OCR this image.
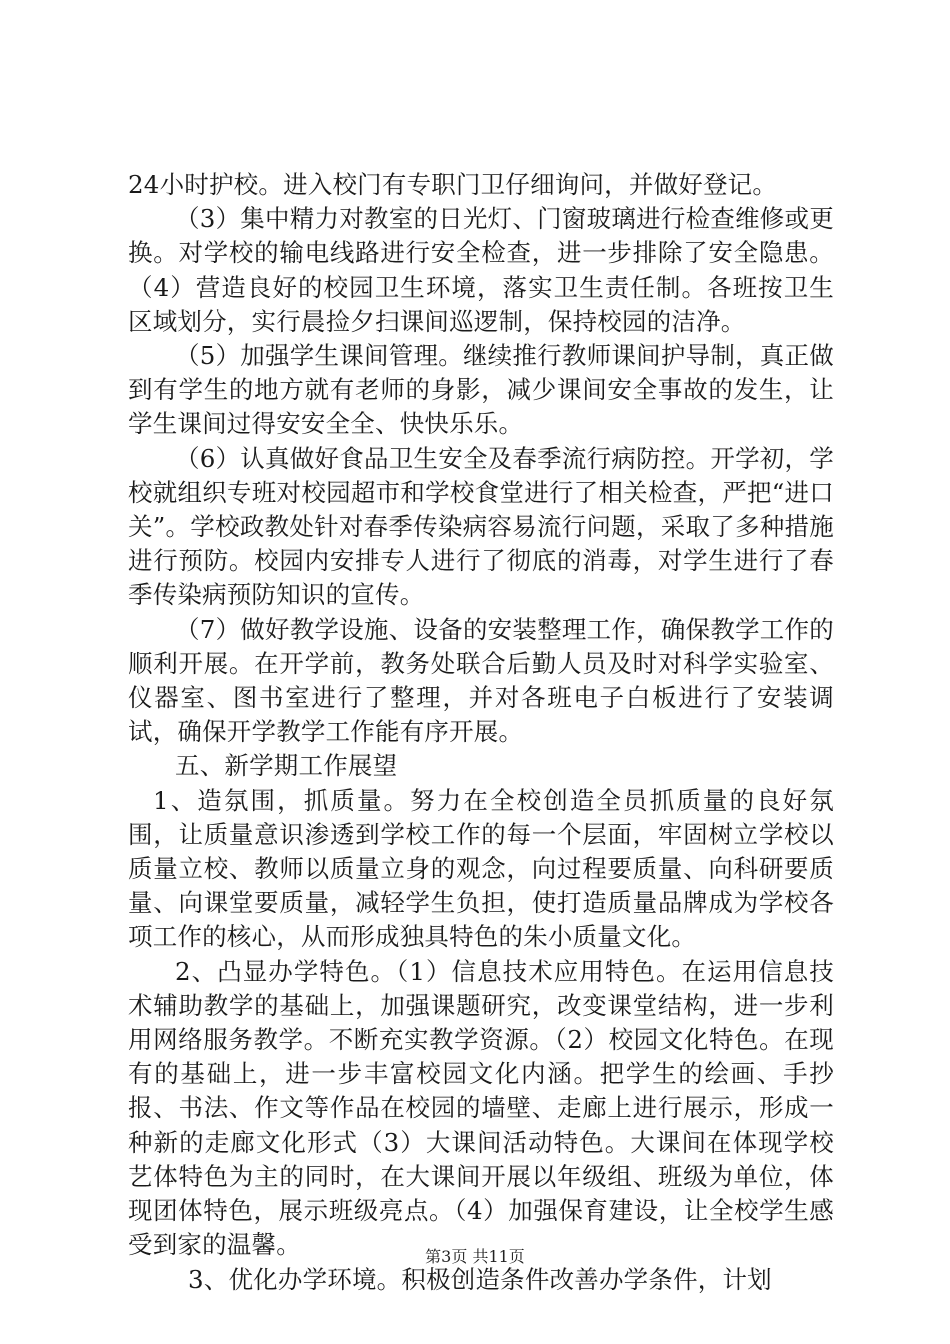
24小时护校。进入校门有专职门卫仔细询问，并做好登记。

（3）集中精力对教室的日光灯、门窗玻璃进行检查维修或更换。对学校的输电线路进行安全检查，进一步排除了安全隐患。（4）营造良好的校园卫生环境，落实卫生责任制。各班按卫生区域划分，实行晨捡夕扫课间巡逻制，保持校园的洁净。

（5）加强学生课间管理。继续推行教师课间护导制，真正做到有学生的地方就有老师的身影，减少课间安全事故的发生，让学生课间过得安安全全、快快乐乐。

（6）认真做好食品卫生安全及春季流行病防控。开学初，学校就组织专班对校园超市和学校食堂进行了相关检查，严把“进口关”。学校政教处针对春季传染病容易流行问题，采取了多种措施进行预防。校园内安排专人进行了彻底的消毒，对学生进行了春季传染病预防知识的宣传。

（7）做好教学设施、设备的安装整理工作，确保教学工作的顺利开展。在开学前，教务处联合后勤人员及时对科学实验室、仪器室、图书室进行了整理，并对各班电子白板进行了安装调试，确保开学教学工作能有序开展。

五、新学期工作展望

1、造氛围，抓质量。努力在全校创造全员抓质量的良好氛围，让质量意识渗透到学校工作的每一个层面，牢固树立学校以质量立校、教师以质量立身的观念，向过程要质量、向科研要质量、向课堂要质量，减轻学生负担，使打造质量品牌成为学校各项工作的核心，从而形成独具特色的朱小质量文化。

2、凸显办学特色。（1）信息技术应用特色。在运用信息技术辅助教学的基础上，加强课题研究，改变课堂结构，进一步利用网络服务教学。不断充实教学资源。（2）校园文化特色。在现有的基础上，进一步丰富校园文化内涵。把学生的绘画、手抄报、书法、作文等作品在校园的墙壁、走廊上进行展示，形成一种新的走廊文化形式（3）大课间活动特色。大课间在体现学校艺体特色为主的同时，在大课间开展以年级组、班级为单位，体现团体特色，展示班级亮点。（4）加强保育建设，让全校学生感受到家的温馨。

3、优化办学环境。积极创造条件改善办学条件，计划

第3页 共11页
